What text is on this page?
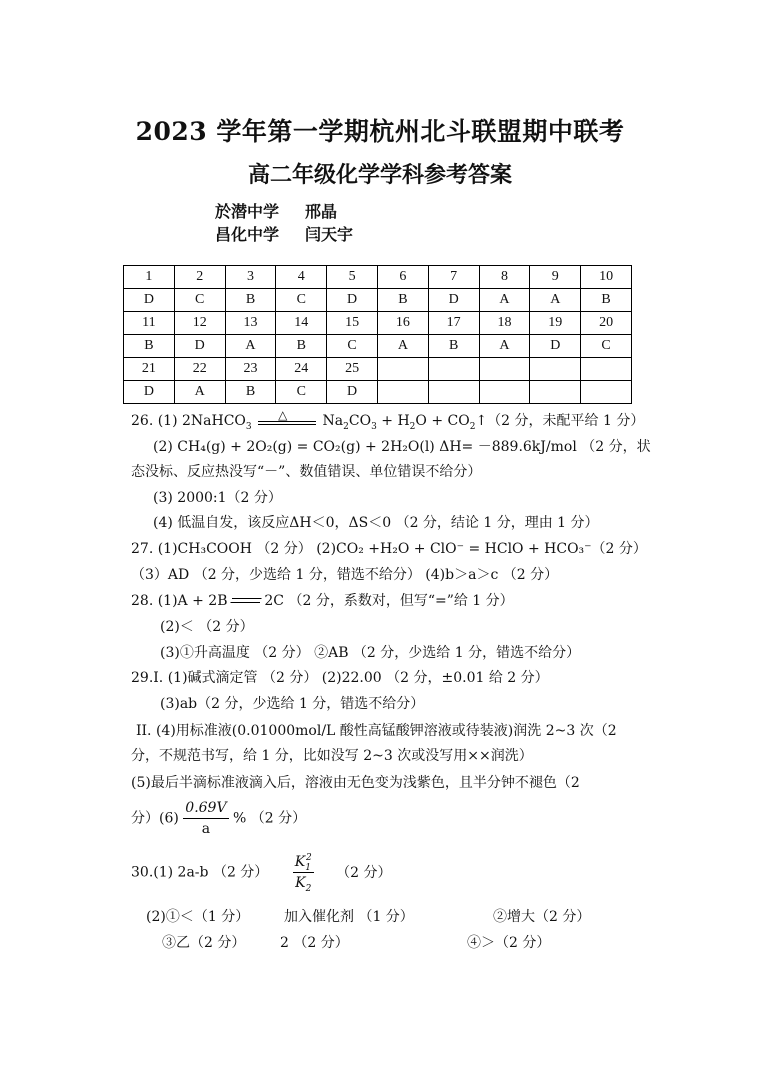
2023 学年第一学期杭州北斗联盟期中联考
高二年级化学学科参考答案
於潜中学 邢晶
昌化中学 闫天宇
1	2	3	4	5	6	7	8	9	10
D	C	B	C	D	B	D	A	A	B
11	12	13	14	15	16	17	18	19	20
B	D	A	B	C	A	B	A	D	C
21	22	23	24	25					
D	A	B	C	D					
26. (1) 2NaHCO$_3$
△	$Na_2CO_3 + H_2O$ + $CO_2↑(2$ 分，未配平给 1 分）
(2) CH₄(g) + 2O₂(g) = CO₂(g) + 2H₂O(l) ΔH= －889.6kJ/mol （2 分，状
态没标、反应热没写“－”、数值错误、单位错误不给分）
(3) 2000:1（2 分）
(4) 低温自发，该反应ΔH＜0，ΔS＜0 （2 分，结论 1 分，理由 1 分）
27. (1)CH₃COOH （2 分） (2)CO₂ +H₂O + ClO⁻ = HClO + HCO₃⁻（2 分）
（3）AD （2 分，少选给 1 分，错选不给分） (4)b＞a＞c （2 分）
28. (1)A + 2B	2C （2 分，系数对，但写“=”给 1 分）
(2)＜ （2 分）
(3)①升高温度 （2 分） ②AB （2 分，少选给 1 分，错选不给分）
29.I. (1)碱式滴定管 （2 分） (2)22.00 （2 分，±0.01 给 2 分）
(3)ab（2 分，少选给 1 分，错选不给分）
II. (4)用标准液(0.01000mol/L 酸性高锰酸钾溶液或待装液)润洗 2~3 次（2
分，不规范书写，给 1 分，比如没写 2~3 次或没写用××润洗）
(5)最后半滴标准液滴入后，溶液由无色变为浅紫色，且半分钟不褪色（2
分）$(6) \frac{0.69V}{a}$ % （2 分）
30.(1) 2a-b （2 分） $\frac{K_1^2}{K_2} (2$ 分）
(2)①＜（1 分） 加入催化剂 （1 分）	②增大（2 分）
③乙（2 分） 2 （2 分）	④＞（2 分）
